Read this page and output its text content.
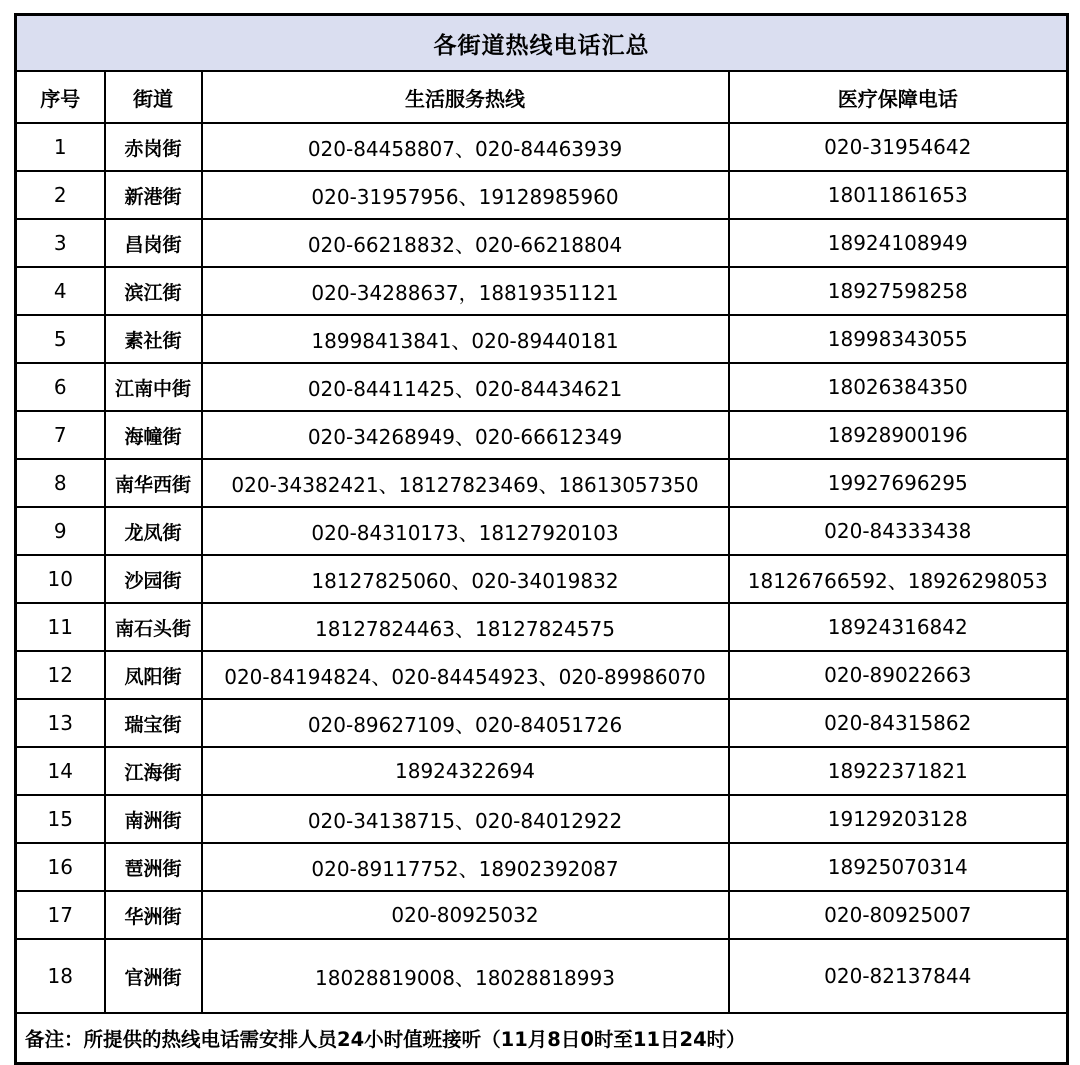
各街道热线电话汇总			
序号	街道	生活服务热线	医疗保障电话
1	赤岗街	020-84458807、020-84463939	020-31954642
2	新港街	020-31957956、19128985960	18011861653
3	昌岗街	020-66218832、020-66218804	18924108949
4	滨江街	020-34288637，18819351121	18927598258
5	素社街	18998413841、020-89440181	18998343055
6	江南中街	020-84411425、020-84434621	18026384350
7	海幢街	020-34268949、020-66612349	18928900196
8	南华西街	020-34382421、18127823469、18613057350	19927696295
9	龙凤街	020-84310173、18127920103	020-84333438
10	沙园街	18127825060、020-34019832	18126766592、18926298053
11	南石头街	18127824463、18127824575	18924316842
12	凤阳街	020-84194824、020-84454923、020-89986070	020-89022663
13	瑞宝街	020-89627109、020-84051726	020-84315862
14	江海街	18924322694	18922371821
15	南洲街	020-34138715、020-84012922	19129203128
16	琶洲街	020-89117752、18902392087	18925070314
17	华洲街	020-80925032	020-80925007
18	官洲街	18028819008、18028818993	020-82137844
备注：所提供的热线电话需安排人员24小时值班接听（11月8日0时至11日24时）			
